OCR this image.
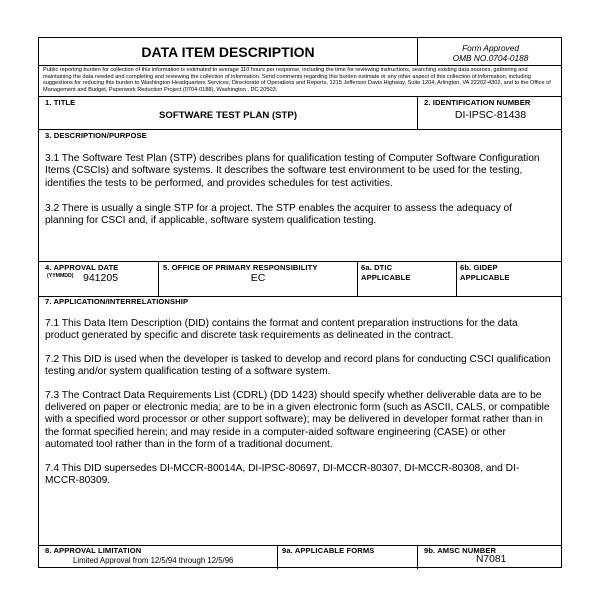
DATA ITEM DESCRIPTION	Form Approved
OMB NO.0704-0188
Public reporting burden for collection of this information is estimated to average 110 hours per response, including the time for reviewing instructions, searching existing data sources, gathering and maintaining the data needed and completing and reviewing the collection of information. Send comments regarding this burden estimate or any other aspect of this collection of information, including suggestions for reducing this burden to Washington Headquarters Services, Directorate of Operations and Reports, 1215 Jefferson Davis Highway, Suite 1204, Arlington, VA 22202-4302, and to the Office of Management and Budget, Paperwork Reduction Project (0704-0188), Washington , DC 20503.
1. TITLE
SOFTWARE TEST PLAN (STP)
2. IDENTIFICATION NUMBER
DI-IPSC-81438
3. DESCRIPTION/PURPOSE

3.1 The Software Test Plan (STP) describes plans for qualification testing of Computer Software Configuration Items (CSCIs) and software systems. It describes the software test environment to be used for the testing, identifies the tests to be performed, and provides schedules for test activities.

3.2 There is usually a single STP for a project. The STP enables the acquirer to assess the adequacy of planning for CSCI and, if applicable, software system qualification testing.

4. APPROVAL DATE
(YYMMDD) 941205
5. OFFICE OF PRIMARY RESPONSIBILITY
EC
6a. DTIC
APPLICABLE
6b. GIDEP
APPLICABLE
7. APPLICATION/INTERRELATIONSHIP

7.1 This Data Item Description (DID) contains the format and content preparation instructions for the data product generated by specific and discrete task requirements as delineated in the contract.

7.2 This DID is used when the developer is tasked to develop and record plans for conducting CSCI qualification testing and/or system qualification testing of a software system.

7.3 The Contract Data Requirements List (CDRL) (DD 1423) should specify whether deliverable data are to be delivered on paper or electronic media; are to be in a given electronic form (such as ASCII, CALS, or compatible with a specified word processor or other support software); may be delivered in developer format rather than in the format specified herein; and may reside in a computer-aided software engineering (CASE) or other automated tool rather than in the form of a traditional document.

7.4 This DID supersedes DI-MCCR-80014A, DI-IPSC-80697, DI-MCCR-80307, DI-MCCR-80308, and DI-MCCR-80309.

8. APPROVAL LIMITATION
Limited Approval from 12/5/94 through 12/5/96
9a. APPLICABLE FORMS	9b. AMSC NUMBER
N7081
